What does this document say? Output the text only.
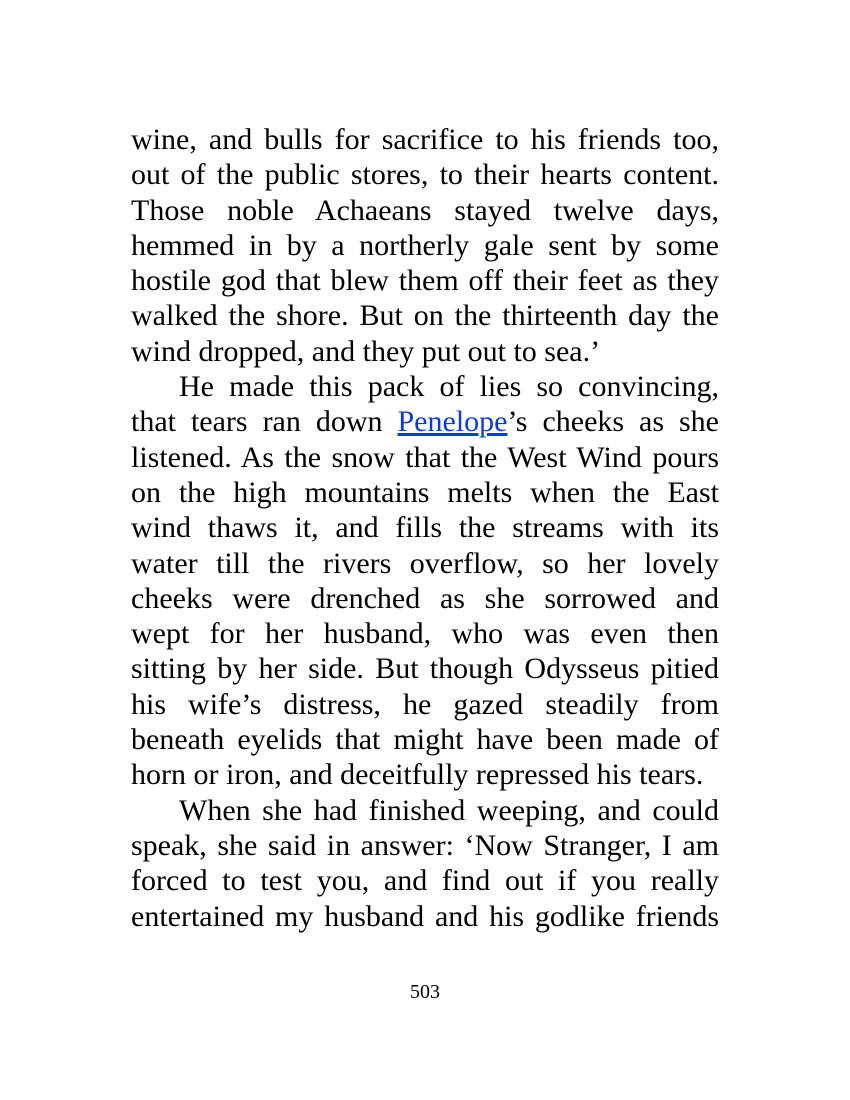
wine, and bulls for sacrifice to his friends too,
out of the public stores, to their hearts content.
Those noble Achaeans stayed twelve days,
hemmed in by a northerly gale sent by some
hostile god that blew them off their feet as they
walked the shore. But on the thirteenth day the
wind dropped, and they put out to sea.’
He made this pack of lies so convincing,
that tears ran down Penelope’s cheeks as she
listened. As the snow that the West Wind pours
on the high mountains melts when the East
wind thaws it, and fills the streams with its
water till the rivers overflow, so her lovely
cheeks were drenched as she sorrowed and
wept for her husband, who was even then
sitting by her side. But though Odysseus pitied
his wife’s distress, he gazed steadily from
beneath eyelids that might have been made of
horn or iron, and deceitfully repressed his tears.
When she had finished weeping, and could
speak, she said in answer: ‘Now Stranger, I am
forced to test you, and find out if you really
entertained my husband and his godlike friends
503
